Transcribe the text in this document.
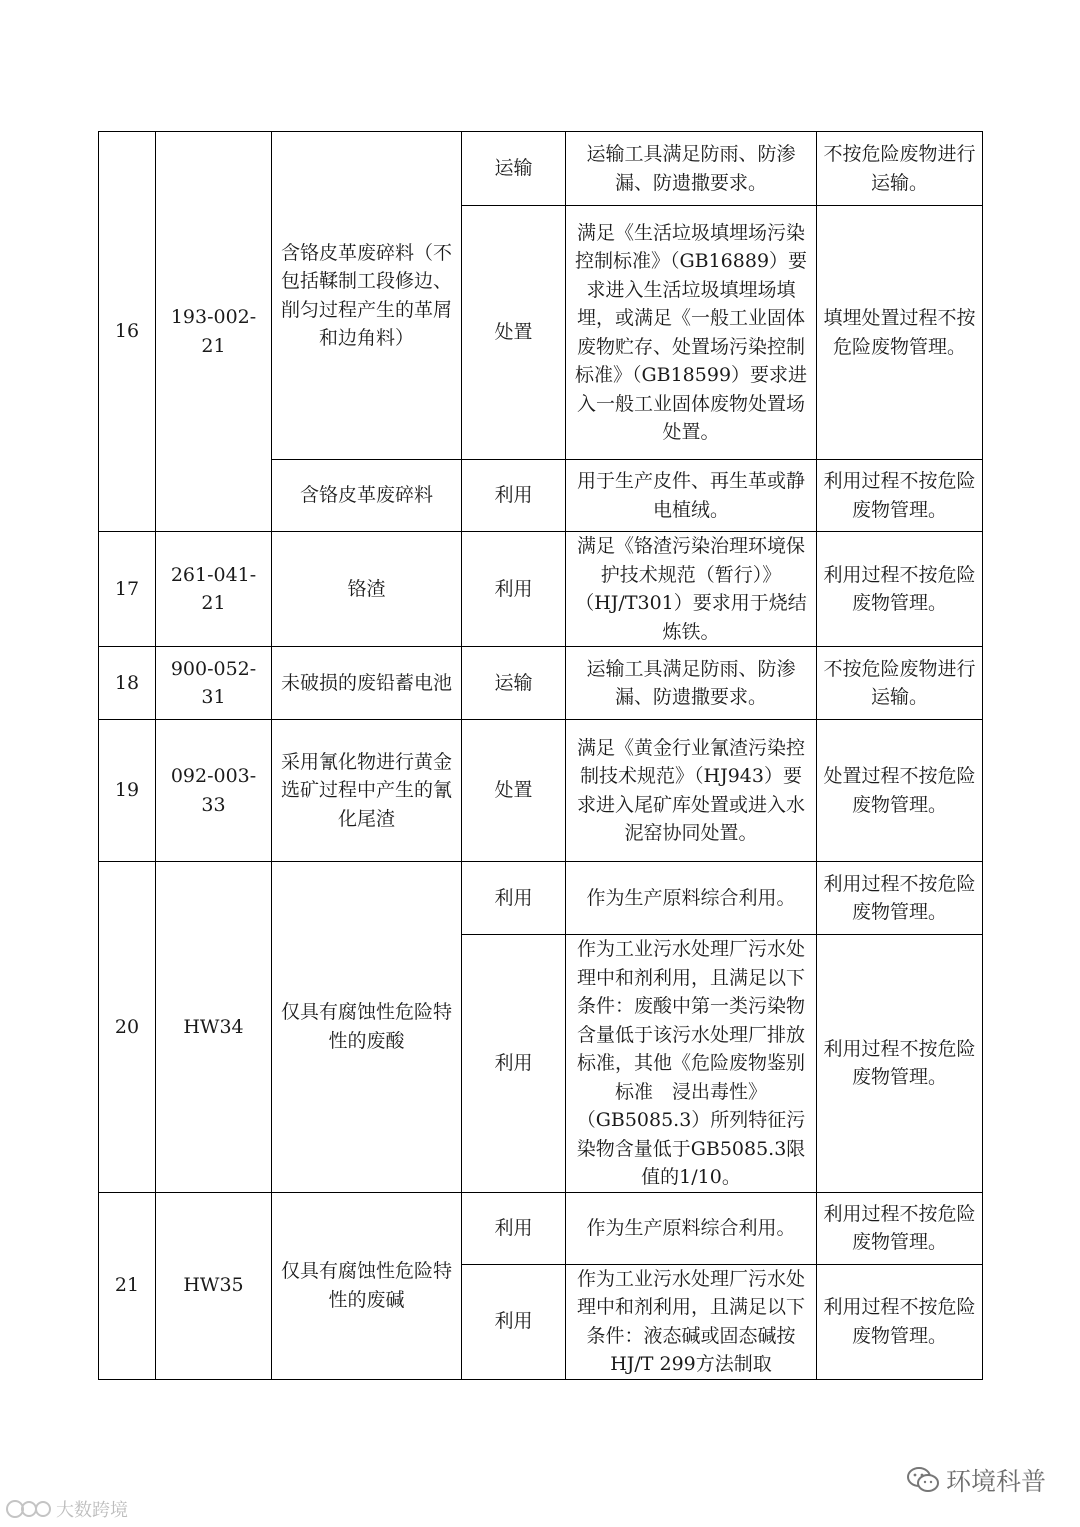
16	193-002-21	含铬皮革废碎料（不包括鞣制工段修边、削匀过程产生的革屑和边角料）	运输	运输工具满足防雨、防渗漏、防遗撒要求。	不按危险废物进行运输。
			处置	满足《生活垃圾填埋场污染控制标准》（GB16889）要求进入生活垃圾填埋场填埋，或满足《一般工业固体废物贮存、处置场污染控制标准》（GB18599）要求进入一般工业固体废物处置场处置。	填埋处置过程不按危险废物管理。
		含铬皮革废碎料	利用	用于生产皮件、再生革或静电植绒。	利用过程不按危险废物管理。
17	261-041-21	铬渣	利用	满足《铬渣污染治理环境保护技术规范（暂行）》（HJ/T301）要求用于烧结炼铁。	利用过程不按危险废物管理。
18	900-052-31	未破损的废铅蓄电池	运输	运输工具满足防雨、防渗漏、防遗撒要求。	不按危险废物进行运输。
19	092-003-33	采用氰化物进行黄金选矿过程中产生的氰化尾渣	处置	满足《黄金行业氰渣污染控制技术规范》（HJ943）要求进入尾矿库处置或进入水泥窑协同处置。	处置过程不按危险废物管理。
20	HW34	仅具有腐蚀性危险特性的废酸	利用	作为生产原料综合利用。	利用过程不按危险废物管理。
			利用	作为工业污水处理厂污水处理中和剂利用，且满足以下条件：废酸中第一类污染物含量低于该污水处理厂排放标准，其他《危险废物鉴别标准　浸出毒性》（GB5085.3）所列特征污染物含量低于GB5085.3限值的1/10。	利用过程不按危险废物管理。
21	HW35	仅具有腐蚀性危险特性的废碱	利用	作为生产原料综合利用。	利用过程不按危险废物管理。
			利用	作为工业污水处理厂污水处理中和剂利用，且满足以下条件：液态碱或固态碱按HJ/T 299方法制取	利用过程不按危险废物管理。
环境科普
大数跨境
